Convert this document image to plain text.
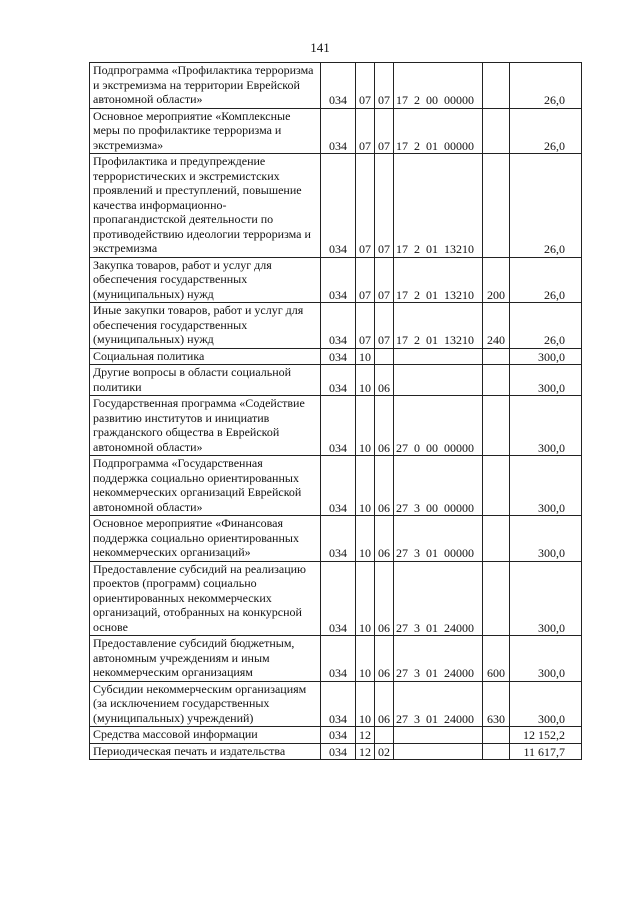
141
Подпрограмма «Профилактика терроризма и экстремизма на территории Еврейской автономной области»	034	07	07	17 2 00 00000		26,0
Основное мероприятие «Комплексные меры по профилактике терроризма и экстремизма»	034	07	07	17 2 01 00000		26,0
Профилактика и предупреждение террористических и экстремистских проявлений и преступлений, повышение качества информационно-пропагандистской деятельности по противодействию идеологии терроризма и экстремизма	034	07	07	17 2 01 13210		26,0
Закупка товаров, работ и услуг для обеспечения государственных (муниципальных) нужд	034	07	07	17 2 01 13210	200	26,0
Иные закупки товаров, работ и услуг для обеспечения государственных (муниципальных) нужд	034	07	07	17 2 01 13210	240	26,0
Социальная политика	034	10				300,0
Другие вопросы в области социальной политики	034	10	06			300,0
Государственная программа «Содействие развитию институтов и инициатив гражданского общества в Еврейской автономной области»	034	10	06	27 0 00 00000		300,0
Подпрограмма «Государственная поддержка социально ориентированных некоммерческих организаций Еврейской автономной области»	034	10	06	27 3 00 00000		300,0
Основное мероприятие «Финансовая поддержка социально ориентированных некоммерческих организаций»	034	10	06	27 3 01 00000		300,0
Предоставление субсидий на реализацию проектов (программ) социально ориентированных некоммерческих организаций, отобранных на конкурсной основе	034	10	06	27 3 01 24000		300,0
Предоставление субсидий бюджетным, автономным учреждениям и иным некоммерческим организациям	034	10	06	27 3 01 24000	600	300,0
Субсидии некоммерческим организациям (за исключением государственных (муниципальных) учреждений)	034	10	06	27 3 01 24000	630	300,0
Средства массовой информации	034	12				12 152,2
Периодическая печать и издательства	034	12	02			11 617,7
